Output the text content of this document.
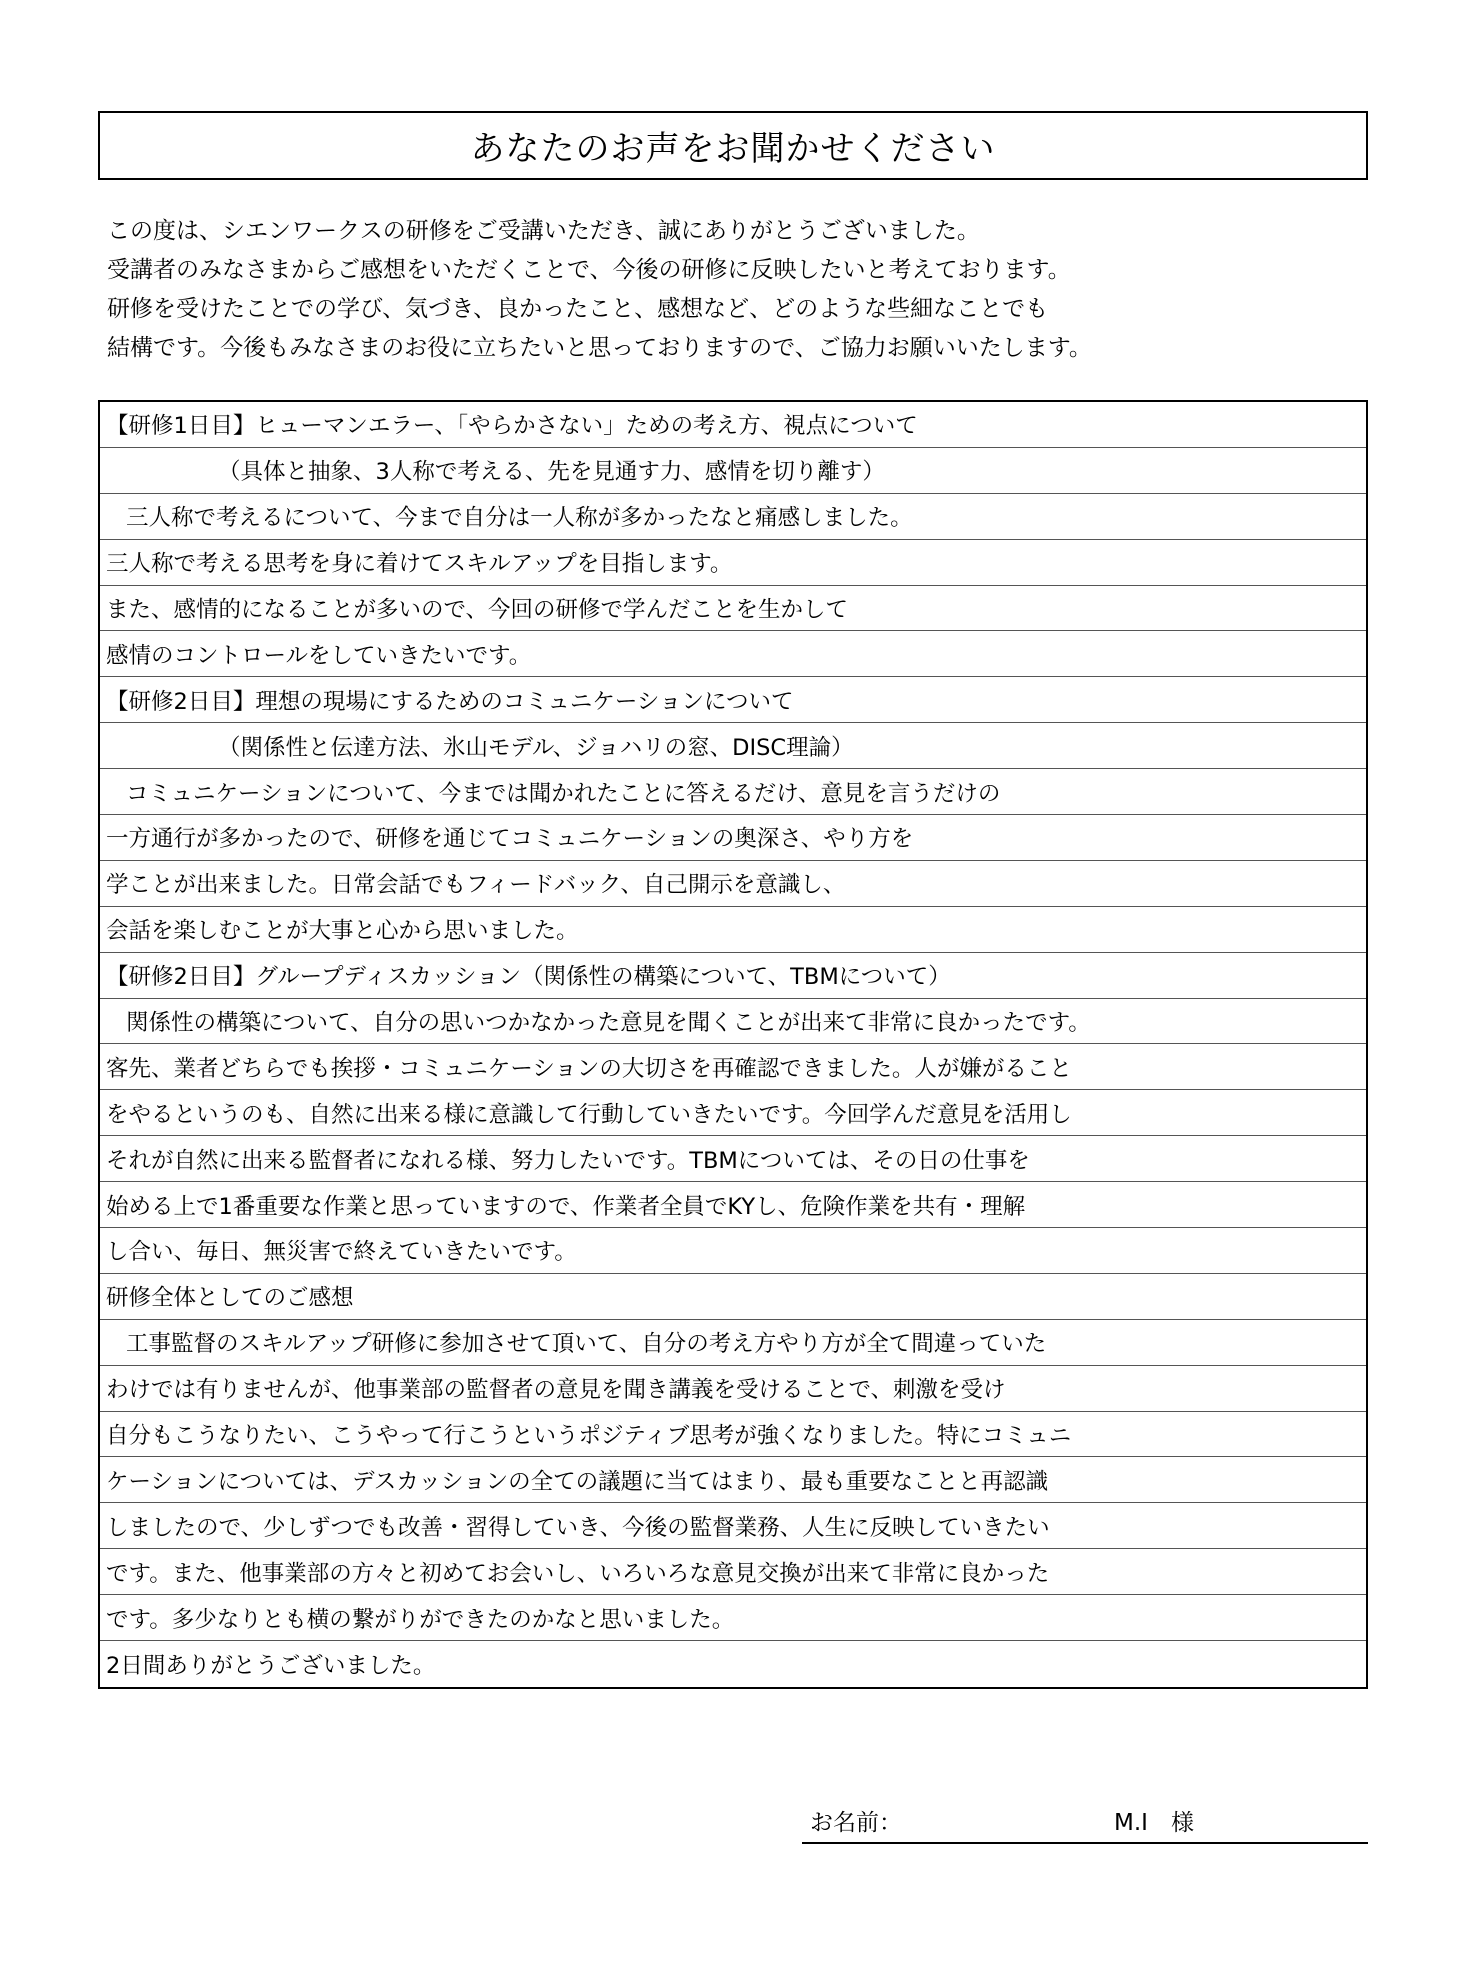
あなたのお声をお聞かせください
この度は、シエンワークスの研修をご受講いただき、誠にありがとうございました。
受講者のみなさまからご感想をいただくことで、今後の研修に反映したいと考えております。
研修を受けたことでの学び、気づき、良かったこと、感想など、どのような些細なことでも
結構です。今後もみなさまのお役に立ちたいと思っておりますので、ご協力お願いいたします。
【研修1日目】ヒューマンエラー、「やらかさない」ための考え方、視点について
（具体と抽象、3人称で考える、先を見通す力、感情を切り離す）
三人称で考えるについて、今まで自分は一人称が多かったなと痛感しました。
三人称で考える思考を身に着けてスキルアップを目指します。
また、感情的になることが多いので、今回の研修で学んだことを生かして
感情のコントロールをしていきたいです。
【研修2日目】理想の現場にするためのコミュニケーションについて
（関係性と伝達方法、氷山モデル、ジョハリの窓、DISC理論）
コミュニケーションについて、今までは聞かれたことに答えるだけ、意見を言うだけの
一方通行が多かったので、研修を通じてコミュニケーションの奥深さ、やり方を
学ことが出来ました。日常会話でもフィードバック、自己開示を意識し、
会話を楽しむことが大事と心から思いました。
【研修2日目】グループディスカッション（関係性の構築について、TBMについて）
関係性の構築について、自分の思いつかなかった意見を聞くことが出来て非常に良かったです。
客先、業者どちらでも挨拶・コミュニケーションの大切さを再確認できました。人が嫌がること
をやるというのも、自然に出来る様に意識して行動していきたいです。今回学んだ意見を活用し
それが自然に出来る監督者になれる様、努力したいです。TBMについては、その日の仕事を
始める上で1番重要な作業と思っていますので、作業者全員でKYし、危険作業を共有・理解
し合い、毎日、無災害で終えていきたいです。
研修全体としてのご感想
工事監督のスキルアップ研修に参加させて頂いて、自分の考え方やり方が全て間違っていた
わけでは有りませんが、他事業部の監督者の意見を聞き講義を受けることで、刺激を受け
自分もこうなりたい、こうやって行こうというポジティブ思考が強くなりました。特にコミュニ
ケーションについては、デスカッションの全ての議題に当てはまり、最も重要なことと再認識
しましたので、少しずつでも改善・習得していき、今後の監督業務、人生に反映していきたい
です。また、他事業部の方々と初めてお会いし、いろいろな意見交換が出来て非常に良かった
です。多少なりとも横の繋がりができたのかなと思いました。
2日間ありがとうございました。
お名前：	M.I　様
